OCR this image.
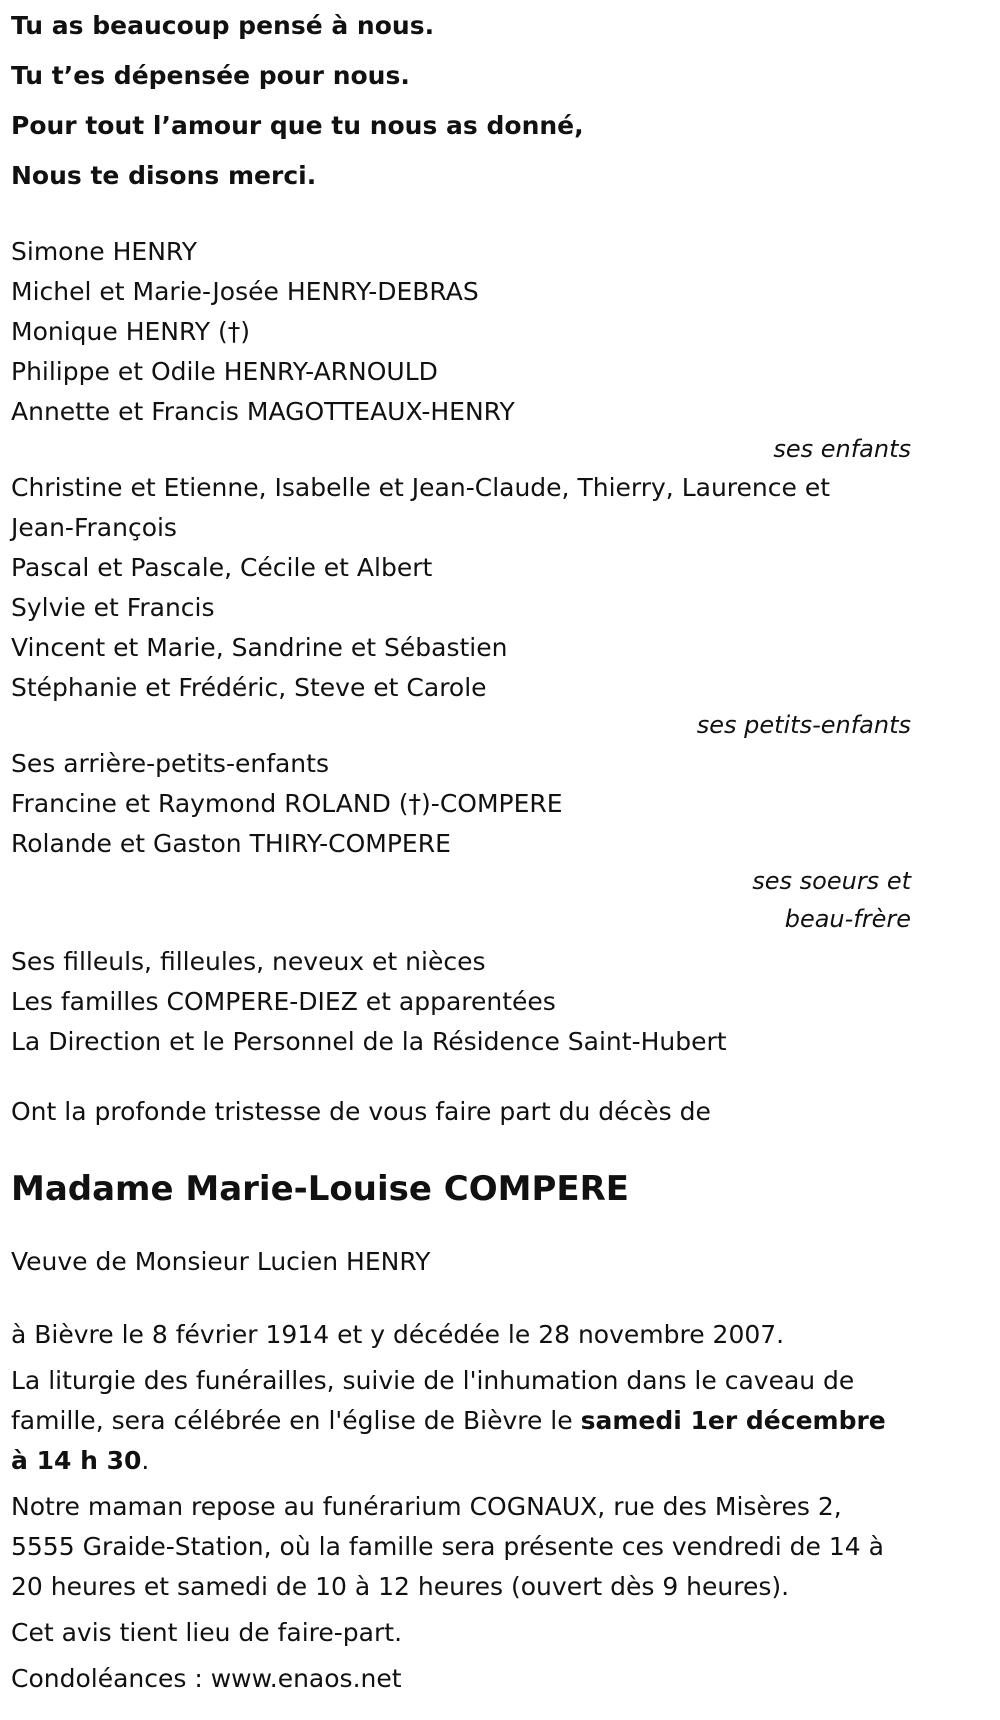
Tu as beaucoup pensé à nous.
Tu t’es dépensée pour nous.
Pour tout l’amour que tu nous as donné,
Nous te disons merci.
Simone HENRY
Michel et Marie-Josée HENRY-DEBRAS
Monique HENRY (†)
Philippe et Odile HENRY-ARNOULD
Annette et Francis MAGOTTEAUX-HENRY
ses enfants
Christine et Etienne, Isabelle et Jean-Claude, Thierry, Laurence et Jean-François
Pascal et Pascale, Cécile et Albert
Sylvie et Francis
Vincent et Marie, Sandrine et Sébastien
Stéphanie et Frédéric, Steve et Carole
ses petits-enfants
Ses arrière-petits-enfants
Francine et Raymond ROLAND (†)-COMPERE
Rolande et Gaston THIRY-COMPERE
ses soeurs et
beau-frère
Ses filleuls, filleules, neveux et nièces
Les familles COMPERE-DIEZ et apparentées
La Direction et le Personnel de la Résidence Saint-Hubert
Ont la profonde tristesse de vous faire part du décès de
Madame Marie-Louise COMPERE
Veuve de Monsieur Lucien HENRY
à Bièvre le 8 février 1914 et y décédée le 28 novembre 2007.
La liturgie des funérailles, suivie de l'inhumation dans le caveau de famille, sera célébrée en l'église de Bièvre le samedi 1er décembre à 14 h 30.
Notre maman repose au funérarium COGNAUX, rue des Misères 2, 5555 Graide-Station, où la famille sera présente ces vendredi de 14 à 20 heures et samedi de 10 à 12 heures (ouvert dès 9 heures).
Cet avis tient lieu de faire-part.
Condoléances : www.enaos.net
